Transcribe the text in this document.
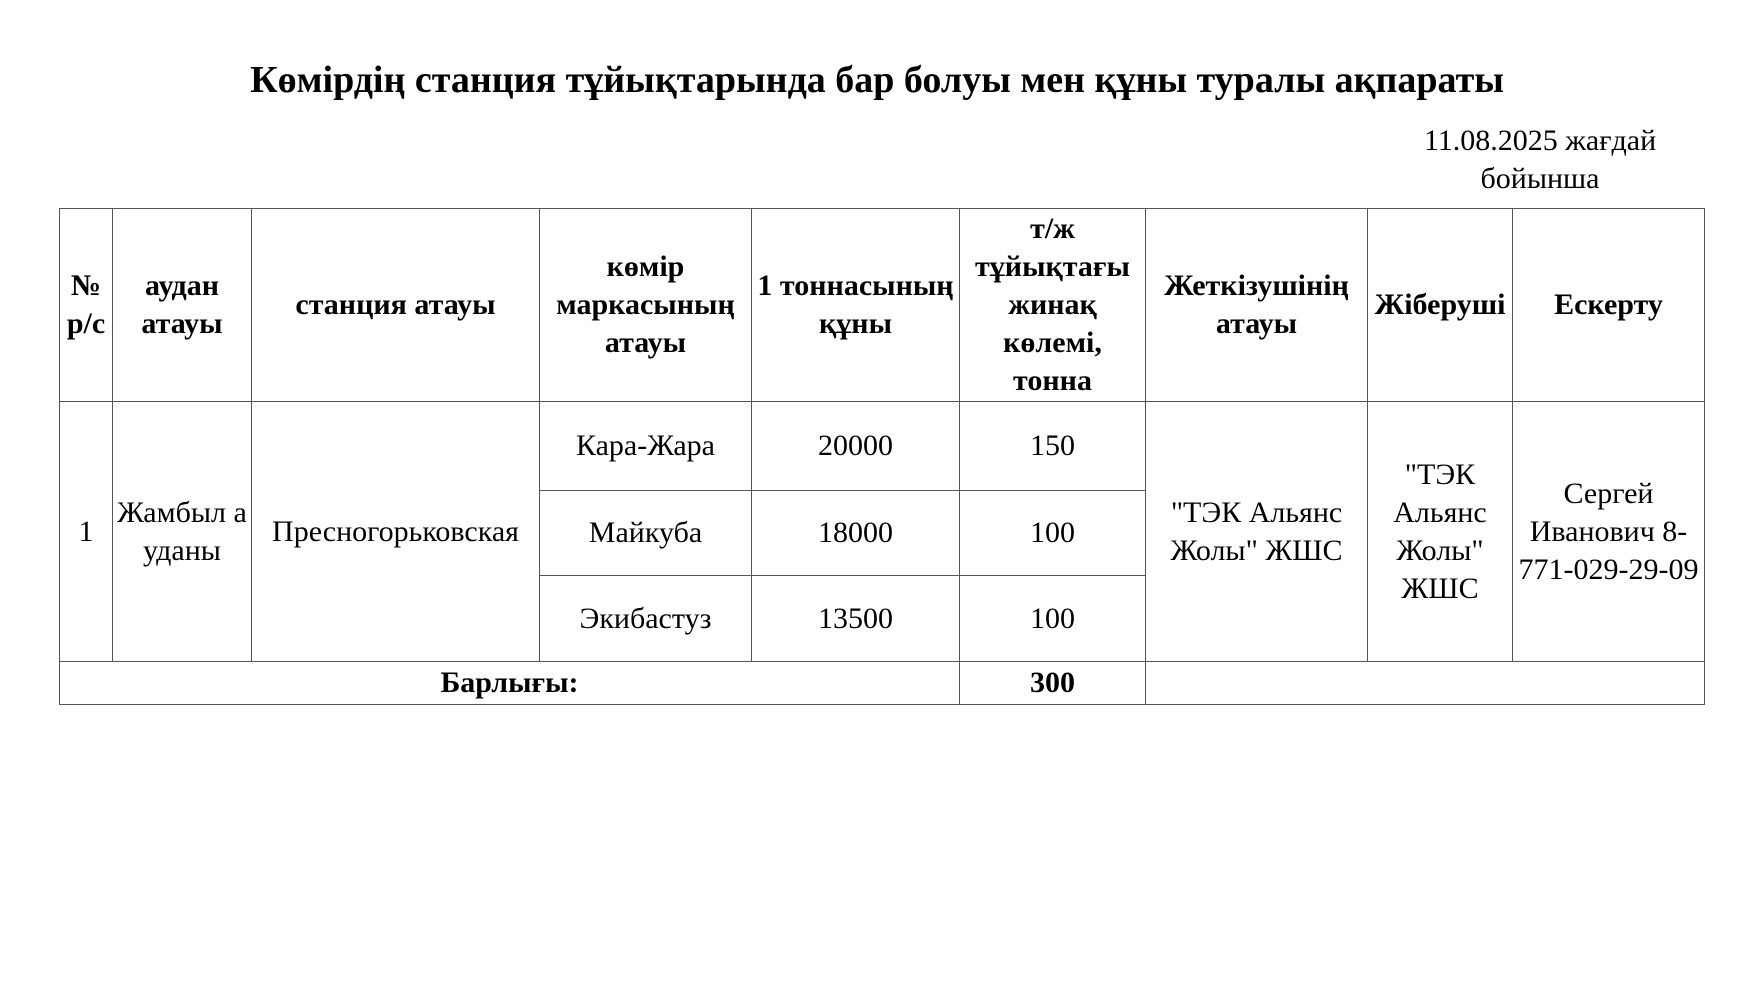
Көмірдің станция тұйықтарында бар болуы мен құны туралы ақпараты
11.08.2025 жағдай бойынша
№ р/с	аудан атауы	станция атауы	көмір маркасының атауы	1 тоннасының құны	т/ж тұйықтағы жинақ көлемі, тонна	Жеткізушінің атауы	Жіберуші	Ескерту
1	Жамбыл ауданы	Пресногорьковская	Кара-Жара	20000	150	"ТЭК Альянс Жолы" ЖШС	"ТЭК Альянс Жолы" ЖШС	Сергей Иванович 8-771-029-29-09
			Майкуба	18000	100			
			Экибастуз	13500	100			
Барлығы:					300			
